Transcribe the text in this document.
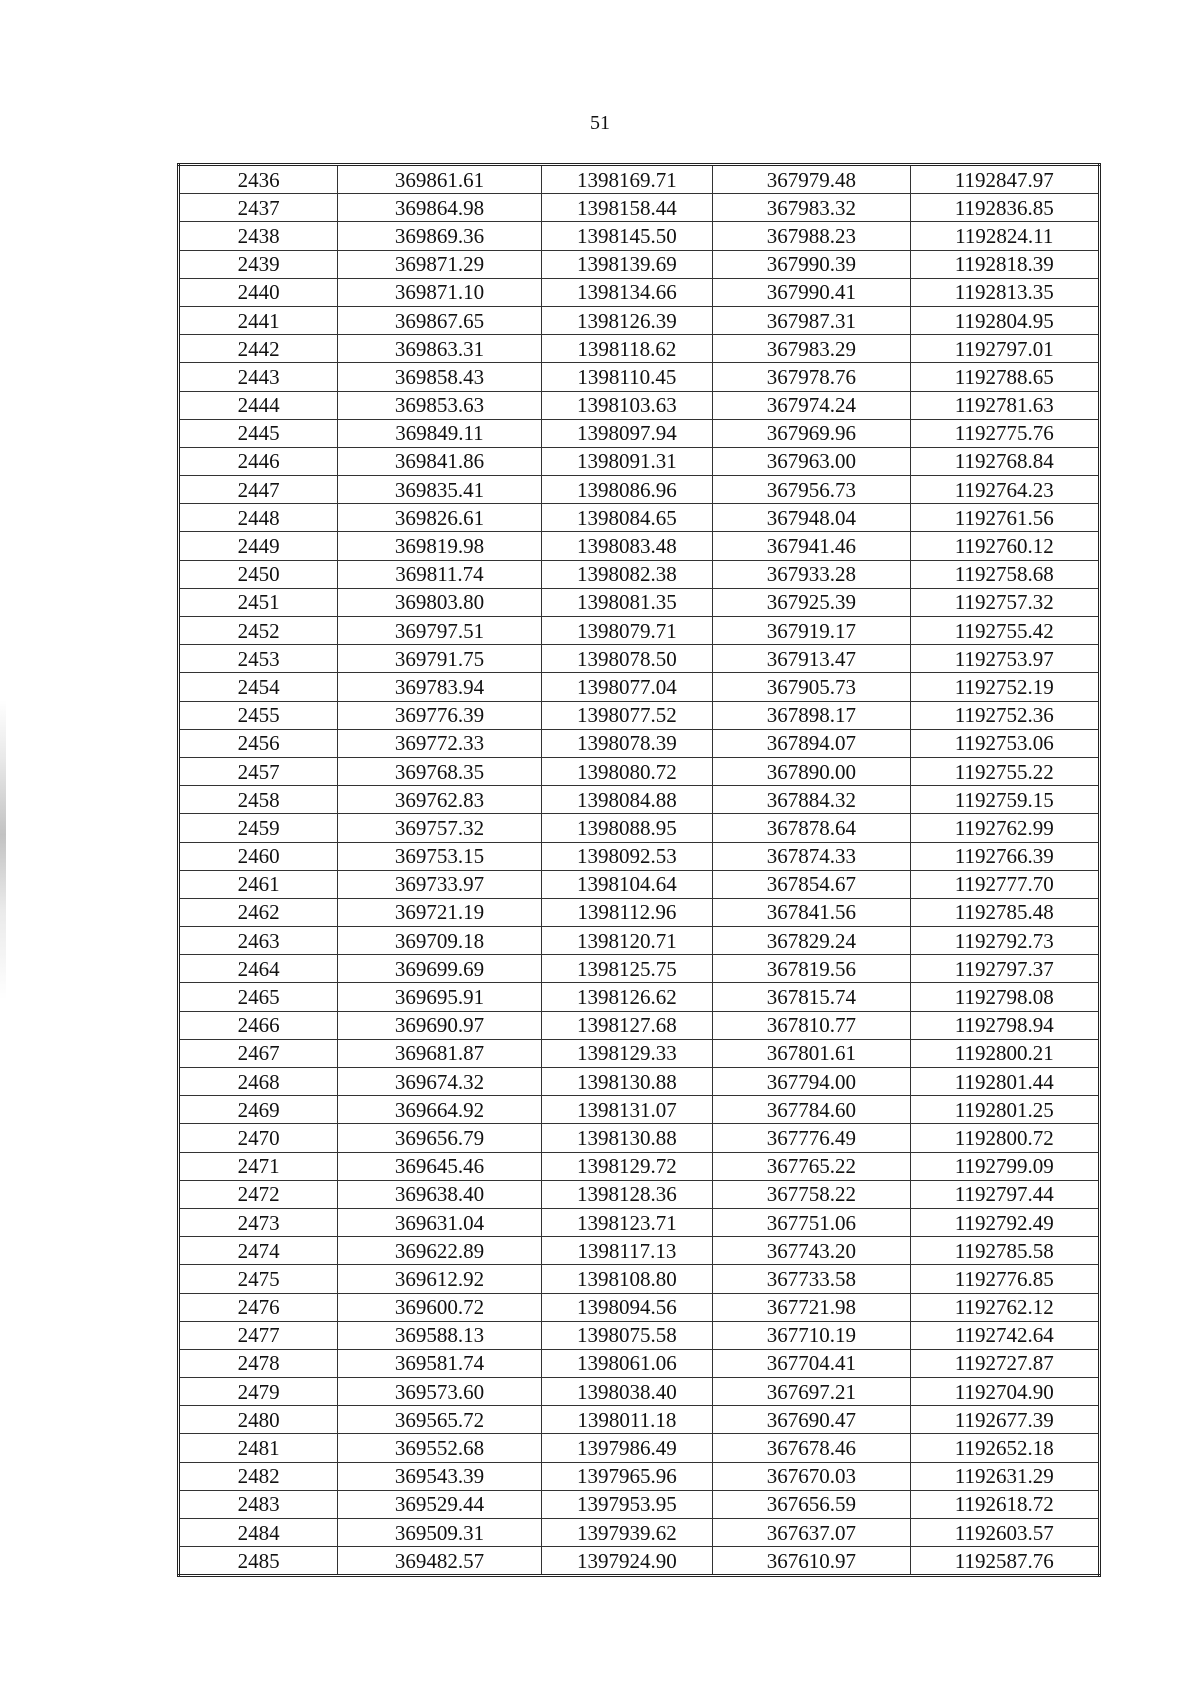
51
2436	369861.61	1398169.71	367979.48	1192847.97
2437	369864.98	1398158.44	367983.32	1192836.85
2438	369869.36	1398145.50	367988.23	1192824.11
2439	369871.29	1398139.69	367990.39	1192818.39
2440	369871.10	1398134.66	367990.41	1192813.35
2441	369867.65	1398126.39	367987.31	1192804.95
2442	369863.31	1398118.62	367983.29	1192797.01
2443	369858.43	1398110.45	367978.76	1192788.65
2444	369853.63	1398103.63	367974.24	1192781.63
2445	369849.11	1398097.94	367969.96	1192775.76
2446	369841.86	1398091.31	367963.00	1192768.84
2447	369835.41	1398086.96	367956.73	1192764.23
2448	369826.61	1398084.65	367948.04	1192761.56
2449	369819.98	1398083.48	367941.46	1192760.12
2450	369811.74	1398082.38	367933.28	1192758.68
2451	369803.80	1398081.35	367925.39	1192757.32
2452	369797.51	1398079.71	367919.17	1192755.42
2453	369791.75	1398078.50	367913.47	1192753.97
2454	369783.94	1398077.04	367905.73	1192752.19
2455	369776.39	1398077.52	367898.17	1192752.36
2456	369772.33	1398078.39	367894.07	1192753.06
2457	369768.35	1398080.72	367890.00	1192755.22
2458	369762.83	1398084.88	367884.32	1192759.15
2459	369757.32	1398088.95	367878.64	1192762.99
2460	369753.15	1398092.53	367874.33	1192766.39
2461	369733.97	1398104.64	367854.67	1192777.70
2462	369721.19	1398112.96	367841.56	1192785.48
2463	369709.18	1398120.71	367829.24	1192792.73
2464	369699.69	1398125.75	367819.56	1192797.37
2465	369695.91	1398126.62	367815.74	1192798.08
2466	369690.97	1398127.68	367810.77	1192798.94
2467	369681.87	1398129.33	367801.61	1192800.21
2468	369674.32	1398130.88	367794.00	1192801.44
2469	369664.92	1398131.07	367784.60	1192801.25
2470	369656.79	1398130.88	367776.49	1192800.72
2471	369645.46	1398129.72	367765.22	1192799.09
2472	369638.40	1398128.36	367758.22	1192797.44
2473	369631.04	1398123.71	367751.06	1192792.49
2474	369622.89	1398117.13	367743.20	1192785.58
2475	369612.92	1398108.80	367733.58	1192776.85
2476	369600.72	1398094.56	367721.98	1192762.12
2477	369588.13	1398075.58	367710.19	1192742.64
2478	369581.74	1398061.06	367704.41	1192727.87
2479	369573.60	1398038.40	367697.21	1192704.90
2480	369565.72	1398011.18	367690.47	1192677.39
2481	369552.68	1397986.49	367678.46	1192652.18
2482	369543.39	1397965.96	367670.03	1192631.29
2483	369529.44	1397953.95	367656.59	1192618.72
2484	369509.31	1397939.62	367637.07	1192603.57
2485	369482.57	1397924.90	367610.97	1192587.76
